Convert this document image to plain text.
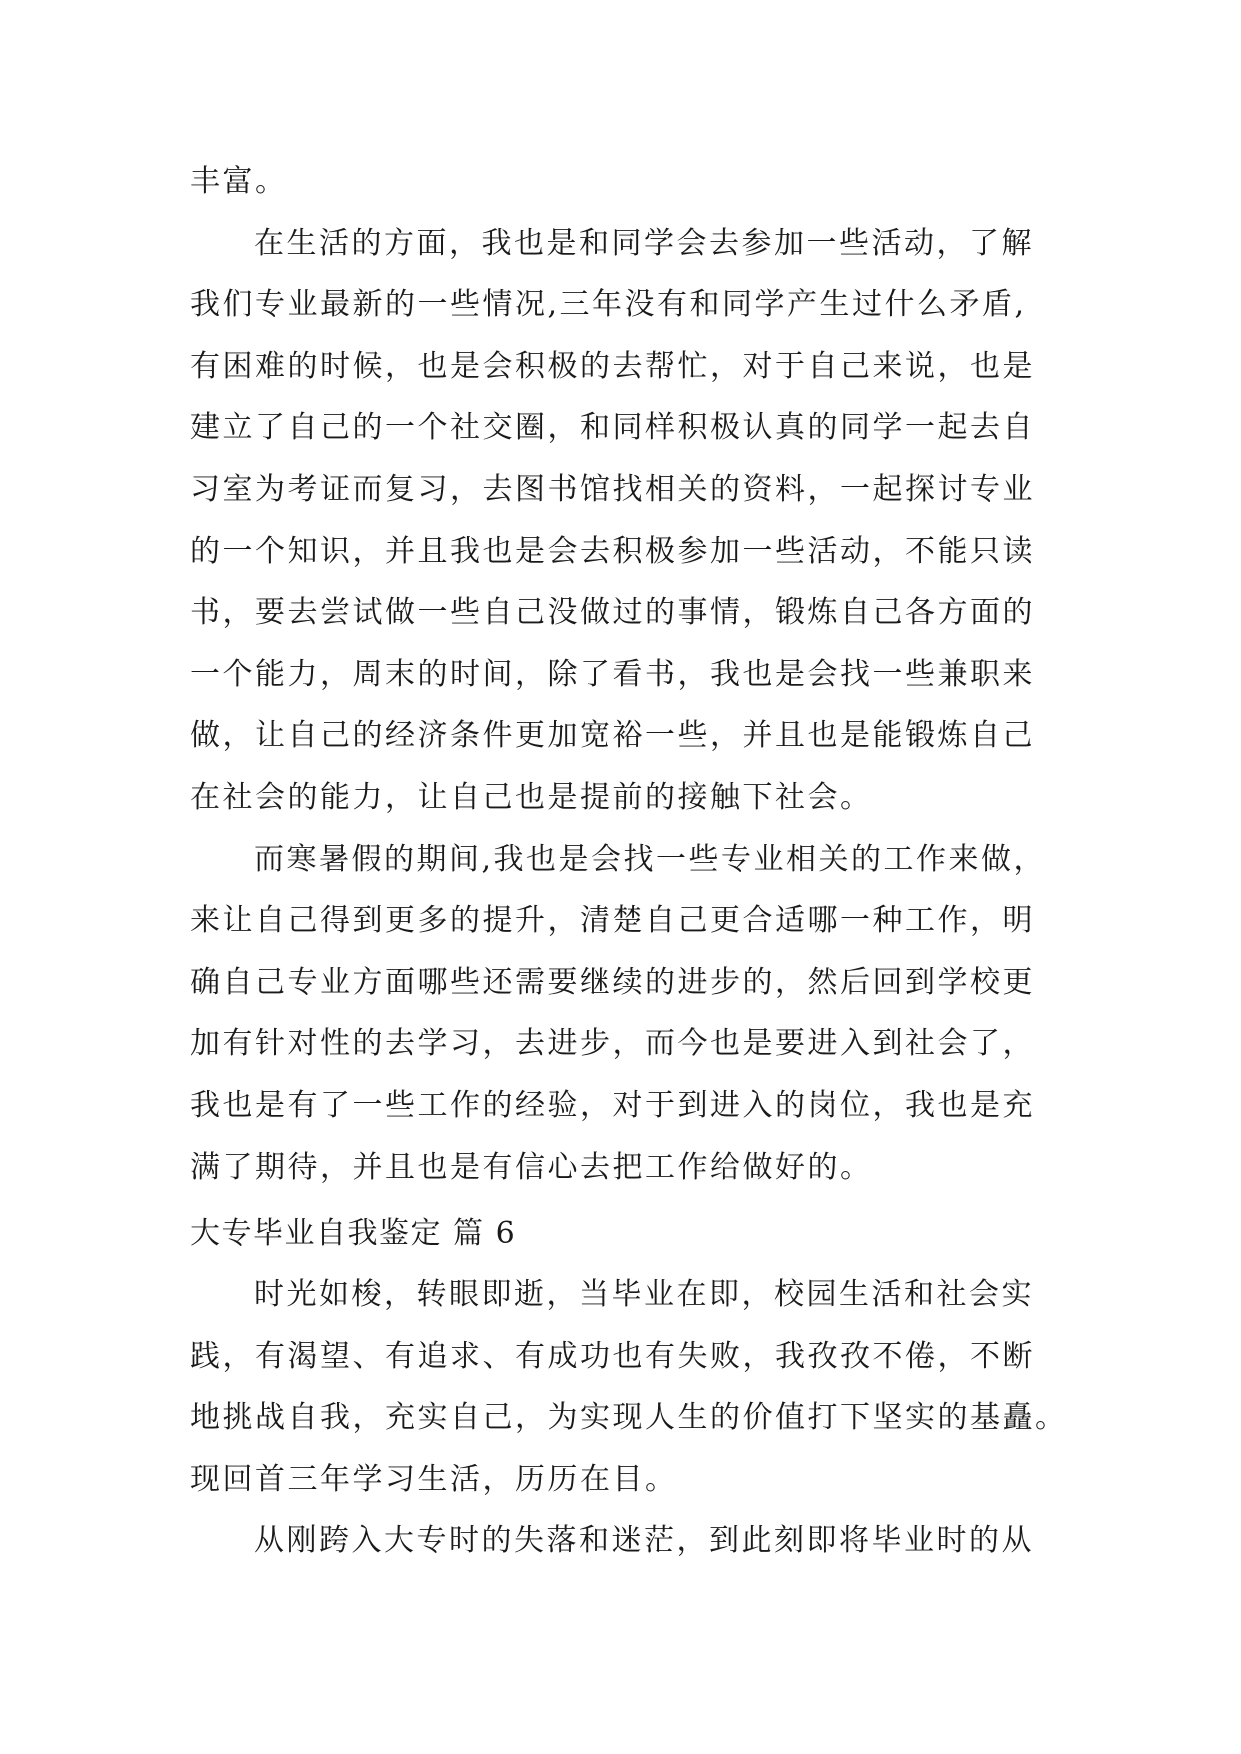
丰富。
在生活的方面，我也是和同学会去参加一些活动，了解
我们专业最新的一些情况,三年没有和同学产生过什么矛盾,
有困难的时候，也是会积极的去帮忙，对于自己来说，也是
建立了自己的一个社交圈，和同样积极认真的同学一起去自
习室为考证而复习，去图书馆找相关的资料，一起探讨专业
的一个知识，并且我也是会去积极参加一些活动，不能只读
书，要去尝试做一些自己没做过的事情，锻炼自己各方面的
一个能力，周末的时间，除了看书，我也是会找一些兼职来
做，让自己的经济条件更加宽裕一些，并且也是能锻炼自己
在社会的能力，让自己也是提前的接触下社会。
而寒暑假的期间,我也是会找一些专业相关的工作来做，
来让自己得到更多的提升，清楚自己更合适哪一种工作，明
确自己专业方面哪些还需要继续的进步的，然后回到学校更
加有针对性的去学习，去进步，而今也是要进入到社会了，
我也是有了一些工作的经验，对于到进入的岗位，我也是充
满了期待，并且也是有信心去把工作给做好的。
大专毕业自我鉴定 篇 6
时光如梭，转眼即逝，当毕业在即，校园生活和社会实
践，有渴望、有追求、有成功也有失败，我孜孜不倦，不断
地挑战自我，充实自己，为实现人生的价值打下坚实的基矗。
现回首三年学习生活，历历在目。
从刚跨入大专时的失落和迷茫，到此刻即将毕业时的从
